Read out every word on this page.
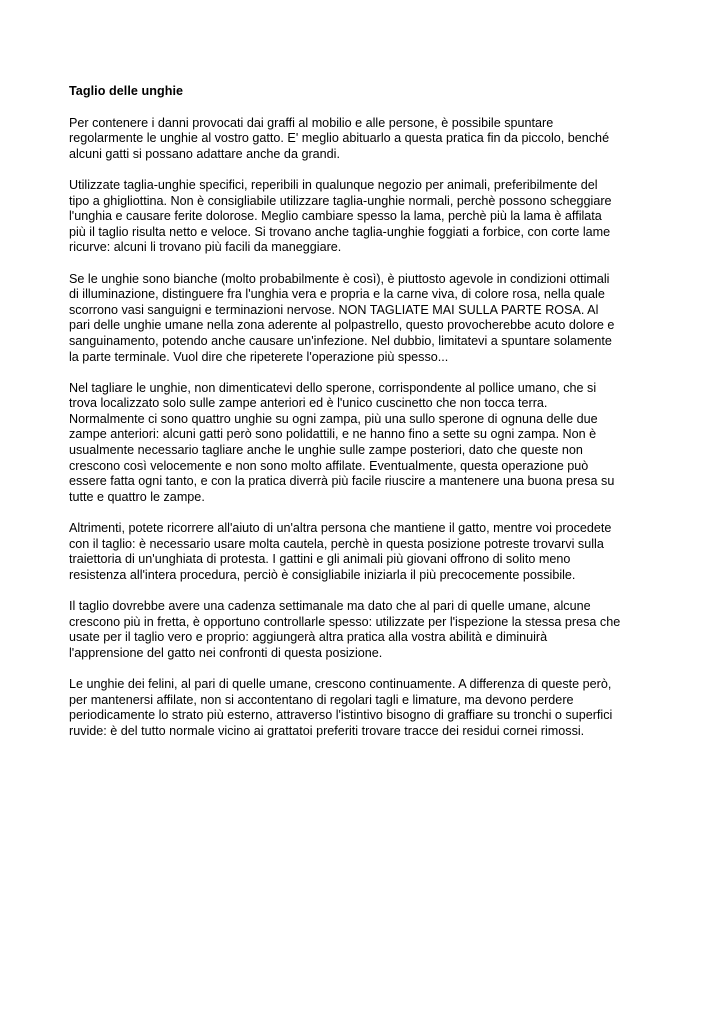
Taglio delle unghie

Per contenere i danni provocati dai graffi al mobilio e alle persone, è possibile spuntare
regolarmente le unghie al vostro gatto. E' meglio abituarlo a questa pratica fin da piccolo, benché
alcuni gatti si possano adattare anche da grandi.

Utilizzate taglia-unghie specifici, reperibili in qualunque negozio per animali, preferibilmente del
tipo a ghigliottina. Non è consigliabile utilizzare taglia-unghie normali, perchè possono scheggiare
l'unghia e causare ferite dolorose. Meglio cambiare spesso la lama, perchè più la lama è affilata
più il taglio risulta netto e veloce. Si trovano anche taglia-unghie foggiati a forbice, con corte lame
ricurve: alcuni li trovano più facili da maneggiare.

Se le unghie sono bianche (molto probabilmente è così), è piuttosto agevole in condizioni ottimali
di illuminazione, distinguere fra l'unghia vera e propria e la carne viva, di colore rosa, nella quale
scorrono vasi sanguigni e terminazioni nervose. NON TAGLIATE MAI SULLA PARTE ROSA. Al
pari delle unghie umane nella zona aderente al polpastrello, questo provocherebbe acuto dolore e
sanguinamento, potendo anche causare un'infezione. Nel dubbio, limitatevi a spuntare solamente
la parte terminale. Vuol dire che ripeterete l'operazione più spesso...

Nel tagliare le unghie, non dimenticatevi dello sperone, corrispondente al pollice umano, che si
trova localizzato solo sulle zampe anteriori ed è l'unico cuscinetto che non tocca terra.
Normalmente ci sono quattro unghie su ogni zampa, più una sullo sperone di ognuna delle due
zampe anteriori: alcuni gatti però sono polidattili, e ne hanno fino a sette su ogni zampa. Non è
usualmente necessario tagliare anche le unghie sulle zampe posteriori, dato che queste non
crescono così velocemente e non sono molto affilate. Eventualmente, questa operazione può
essere fatta ogni tanto, e con la pratica diverrà più facile riuscire a mantenere una buona presa su
tutte e quattro le zampe.

Altrimenti, potete ricorrere all'aiuto di un'altra persona che mantiene il gatto, mentre voi procedete
con il taglio: è necessario usare molta cautela, perchè in questa posizione potreste trovarvi sulla
traiettoria di un'unghiata di protesta. I gattini e gli animali più giovani offrono di solito meno
resistenza all'intera procedura, perciò è consigliabile iniziarla il più precocemente possibile.

Il taglio dovrebbe avere una cadenza settimanale ma dato che al pari di quelle umane, alcune
crescono più in fretta, è opportuno controllarle spesso: utilizzate per l'ispezione la stessa presa che
usate per il taglio vero e proprio: aggiungerà altra pratica alla vostra abilità e diminuirà
l'apprensione del gatto nei confronti di questa posizione.

Le unghie dei felini, al pari di quelle umane, crescono continuamente. A differenza di queste però,
per mantenersi affilate, non si accontentano di regolari tagli e limature, ma devono perdere
periodicamente lo strato più esterno, attraverso l'istintivo bisogno di graffiare su tronchi o superfici
ruvide: è del tutto normale vicino ai grattatoi preferiti trovare tracce dei residui cornei rimossi.
